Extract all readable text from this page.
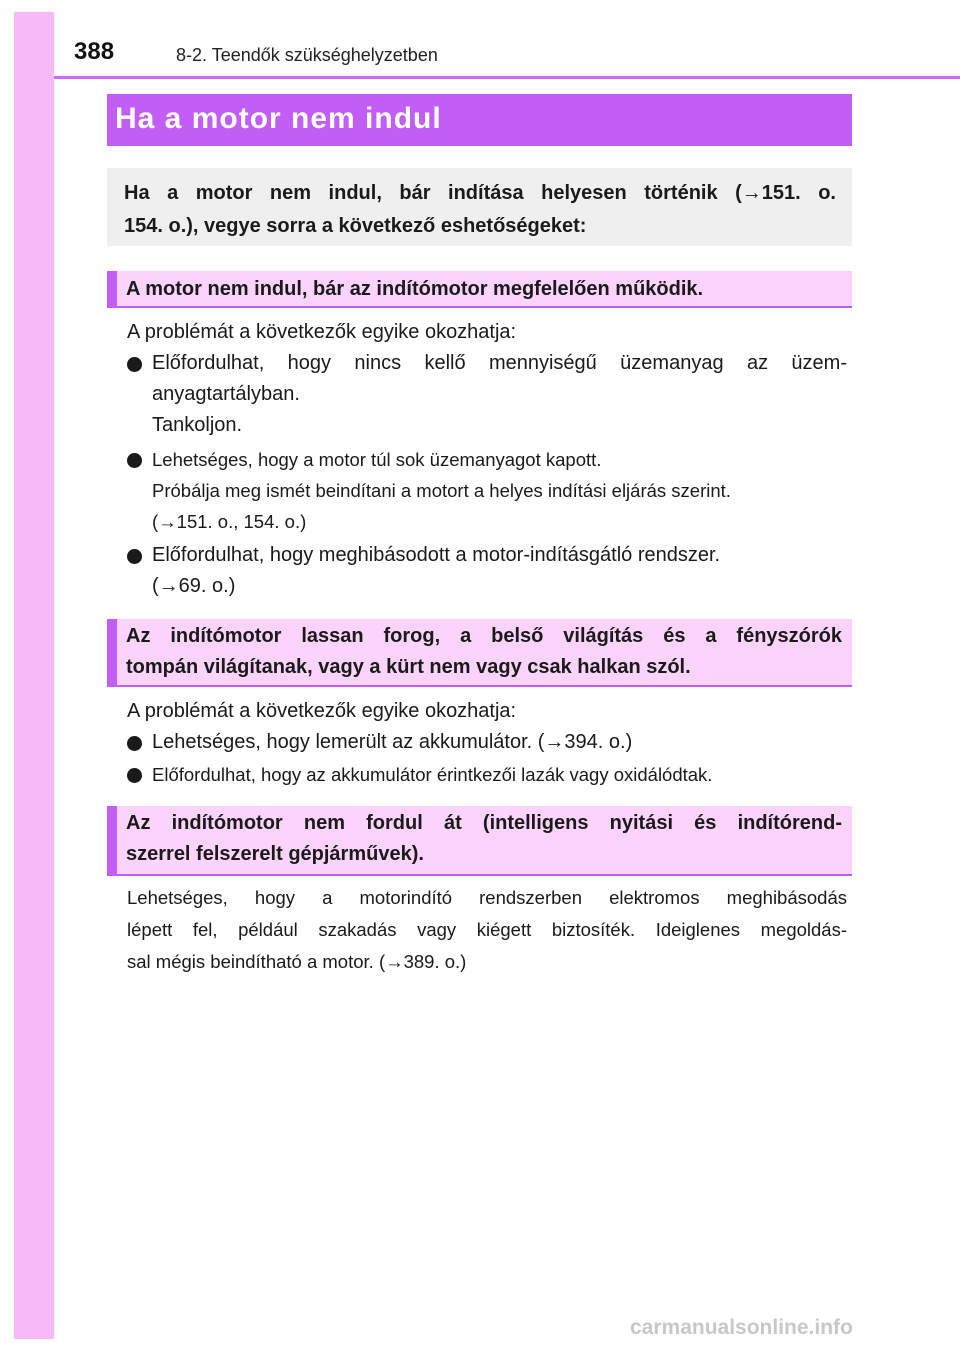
388	8-2. Teendők szükséghelyzetben
Ha a motor nem indul
Ha a motor nem indul, bár indítása helyesen történik (→151. o.
154. o.), vegye sorra a következő eshetőségeket:
A motor nem indul, bár az indítómotor megfelelően működik.
A problémát a következők egyike okozhatja:
Előfordulhat, hogy nincs kellő mennyiségű üzemanyag az üzem-
anyagtartályban.
Tankoljon.
Lehetséges, hogy a motor túl sok üzemanyagot kapott.
Próbálja meg ismét beindítani a motort a helyes indítási eljárás szerint.
(→151. o., 154. o.)
Előfordulhat, hogy meghibásodott a motor-indításgátló rendszer.
(→69. o.)
Az indítómotor lassan forog, a belső világítás és a fényszórók
tompán világítanak, vagy a kürt nem vagy csak halkan szól.
A problémát a következők egyike okozhatja:
Lehetséges, hogy lemerült az akkumulátor. (→394. o.)
Előfordulhat, hogy az akkumulátor érintkezői lazák vagy oxidálódtak.
Az indítómotor nem fordul át (intelligens nyitási és indítórend-
szerrel felszerelt gépjárművek).
Lehetséges, hogy a motorindító rendszerben elektromos meghibásodás
lépett fel, például szakadás vagy kiégett biztosíték. Ideiglenes megoldás-
sal mégis beindítható a motor. (→389. o.)
carmanualsonline.info
